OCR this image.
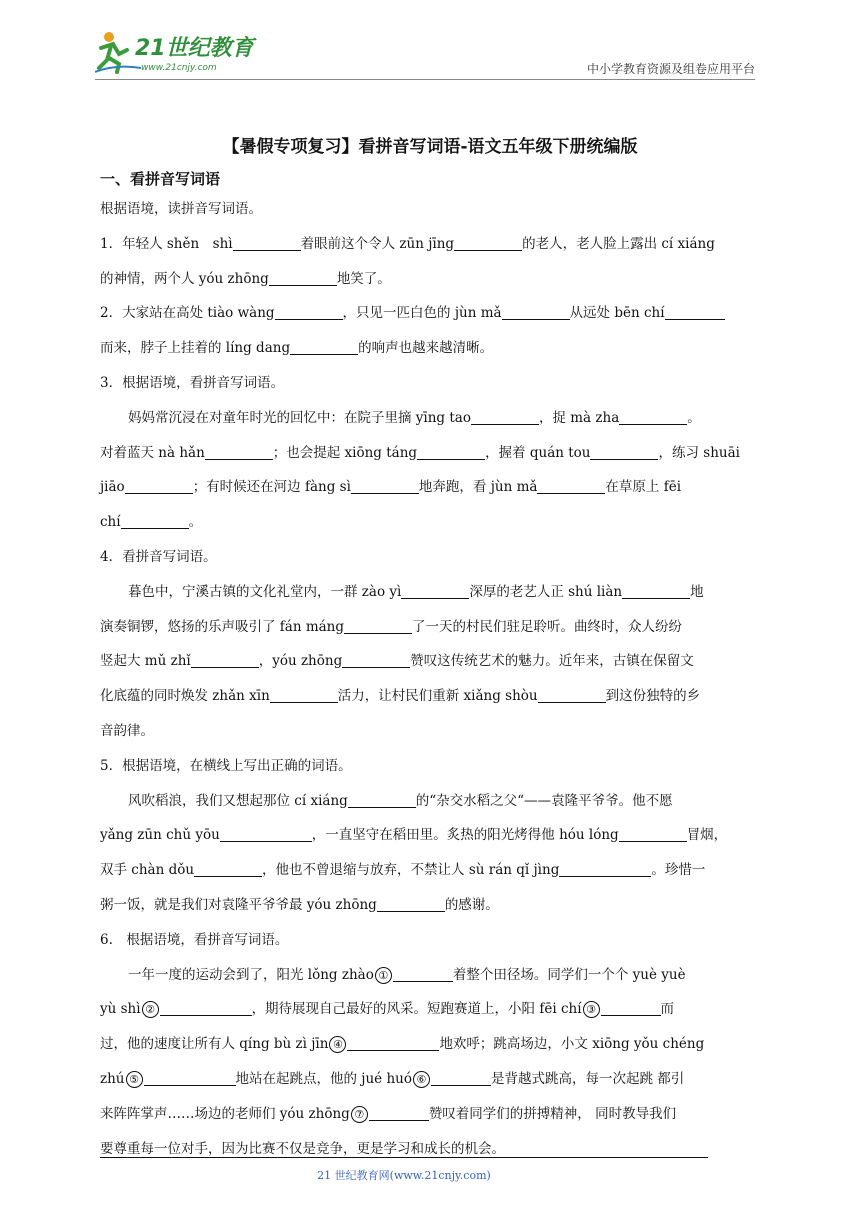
21世纪教育
www.21cnjy.com	中小学教育资源及组卷应用平台
【暑假专项复习】看拼音写词语-语文五年级下册统编版
一、看拼音写词语
根据语境，读拼音写词语。
1．年轻人 shěn　shì	着眼前这个令人 zūn jīng	的老人，老人脸上露出 cí xiáng
的神情，两个人 yóu zhōng	地笑了。
2．大家站在高处 tiào wàng	，只见一匹白色的 jùn mǎ	从远处 bēn chí
而来，脖子上挂着的 líng dang	的响声也越来越清晰。
3．根据语境，看拼音写词语。
妈妈常沉浸在对童年时光的回忆中：在院子里摘 yīng tao	，捉 mà zha	。
对着蓝天 nà hǎn	；也会提起 xiōng táng	，握着 quán tou	，练习 shuāi
jiāo	；有时候还在河边 fàng sì	地奔跑，看 jùn mǎ	在草原上 fēi
chí	。
4．看拼音写词语。
暮色中，宁溪古镇的文化礼堂内，一群 zào yì	深厚的老艺人正 shú liàn	地
演奏铜锣，悠扬的乐声吸引了 fán máng	了一天的村民们驻足聆听。曲终时，众人纷纷
竖起大 mǔ zhǐ	，yóu zhōng	赞叹这传统艺术的魅力。近年来，古镇在保留文
化底蕴的同时焕发 zhǎn xīn	活力，让村民们重新 xiǎng shòu	到这份独特的乡
音韵律。
5．根据语境，在横线上写出正确的词语。
风吹稻浪，我们又想起那位 cí xiáng	的“杂交水稻之父“——袁隆平爷爷。他不愿
yǎng zūn chǔ yōu	，一直坚守在稻田里。炙热的阳光烤得他 hóu lóng	冒烟，
双手 chàn dǒu	，他也不曾退缩与放弃，不禁让人 sù rán qǐ jìng	。珍惜一
粥一饭，就是我们对袁隆平爷爷最 yóu zhōng	的感谢。
6.　根据语境，看拼音写词语。
一年一度的运动会到了，阳光 lǒng zhào ①	着整个田径场。同学们一个个 yuè yuè
yù shì ②	，期待展现自己最好的风采。短跑赛道上，小阳 fēi chí ③	而
过，他的速度让所有人 qíng bù zì jīn ④	地欢呼；跳高场边，小文 xiōng yǒu chéng
zhú ⑤	地站在起跳点，他的 jué huó ⑥	是背越式跳高，每一次起跳 都引
来阵阵掌声……场边的老师们 yóu zhōng ⑦	赞叹着同学们的拼搏精神， 同时教导我们
要尊重每一位对手，因为比赛不仅是竞争，更是学习和成长的机会。
21 世纪教育网(www.21cnjy.com)
